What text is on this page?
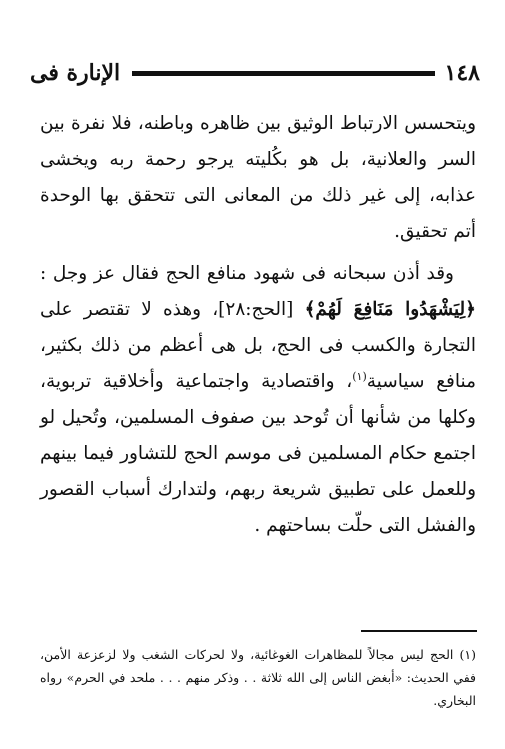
١٤٨
الإنارة فى

ويتحسس الارتباط الوثيق بين ظاهره وباطنه، فلا نفرة بين السر والعلانية، بل هو بكُليته يرجو رحمة ربه ويخشى عذابه، إلى غير ذلك من المعانى التى تتحقق بها الوحدة أتم تحقيق.

وقد أذن سبحانه فى شهود منافع الحج فقال عز وجل : ﴿لِيَشْهَدُوا مَنَافِعَ لَهُمْ﴾ [الحج:٢٨]، وهذه لا تقتصر على التجارة والكسب فى الحج، بل هى أعظم من ذلك بكثير، منافع سياسية$^{(١)}$، واقتصادية واجتماعية وأخلاقية تربوية، وكلها من شأنها أن تُوحد بين صفوف المسلمين، وتُحيل لو اجتمع حكام المسلمين فى موسم الحج للتشاور فيما بينهم وللعمل على تطبيق شريعة ربهم، ولتدارك أسباب القصور والفشل التى حلّت بساحتهم .

(١) الحج ليس مجالاً للمظاهرات الغوغائية، ولا لحركات الشغب ولا لزعزعة الأمن، ففي الحديث: «أبغض الناس إلى الله ثلاثة . . وذكر منهم . . . ملحد في الحرم» رواه البخاري.
